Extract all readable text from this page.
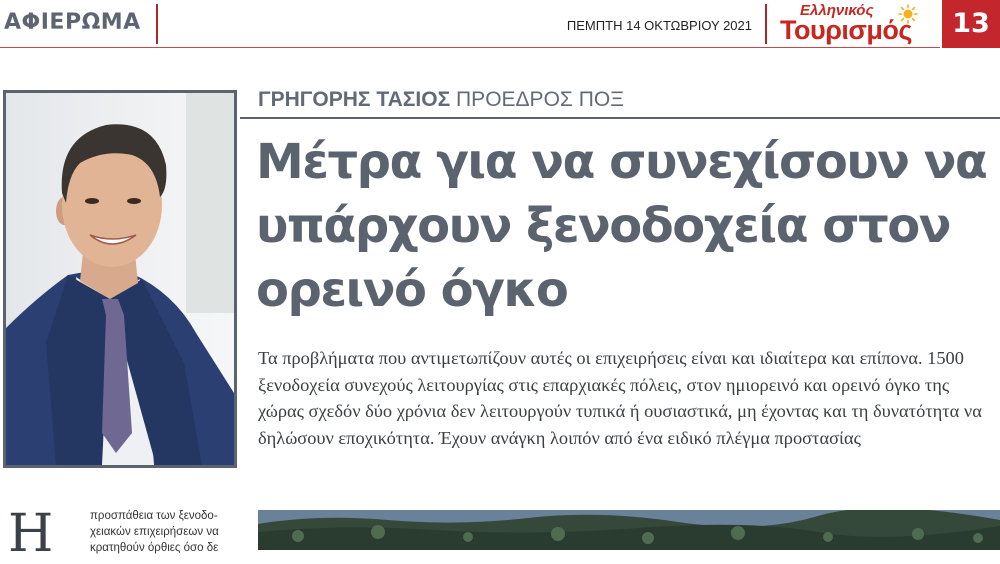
ΑΦΙΕΡΩΜΑ	ΠΕΜΠΤΗ 14 ΟΚΤΩΒΡΙΟΥ 2021
Ελληνικός
Τουρισμός	13
ΓΡΗΓΟΡΗΣ ΤΑΣΙΟΣ ΠΡΟΕΔΡΟΣ ΠΟΞ
Μέτρα για να συνεχίσουν να υπάρχουν ξενοδοχεία στον ορεινό όγκο

Τα προβλήματα που αντιμετωπίζουν αυτές οι επιχειρήσεις είναι και ιδιαίτερα και επίπονα. 1500 ξενοδοχεία συνεχούς λειτουργίας στις επαρχιακές πόλεις, στον ημιορεινό και ορεινό όγκο της χώρας σχεδόν δύο χρόνια δεν λειτουργούν τυπικά ή ουσιαστικά, μη έχοντας και τη δυνατότητα να δηλώσουν εποχικότητα. Έχουν ανάγκη λοιπόν από ένα ειδικό πλέγμα προστασίας

Η	προσπάθεια των ξενοδο-χειακών επιχειρήσεων να κρατηθούν όρθιες όσο δε
